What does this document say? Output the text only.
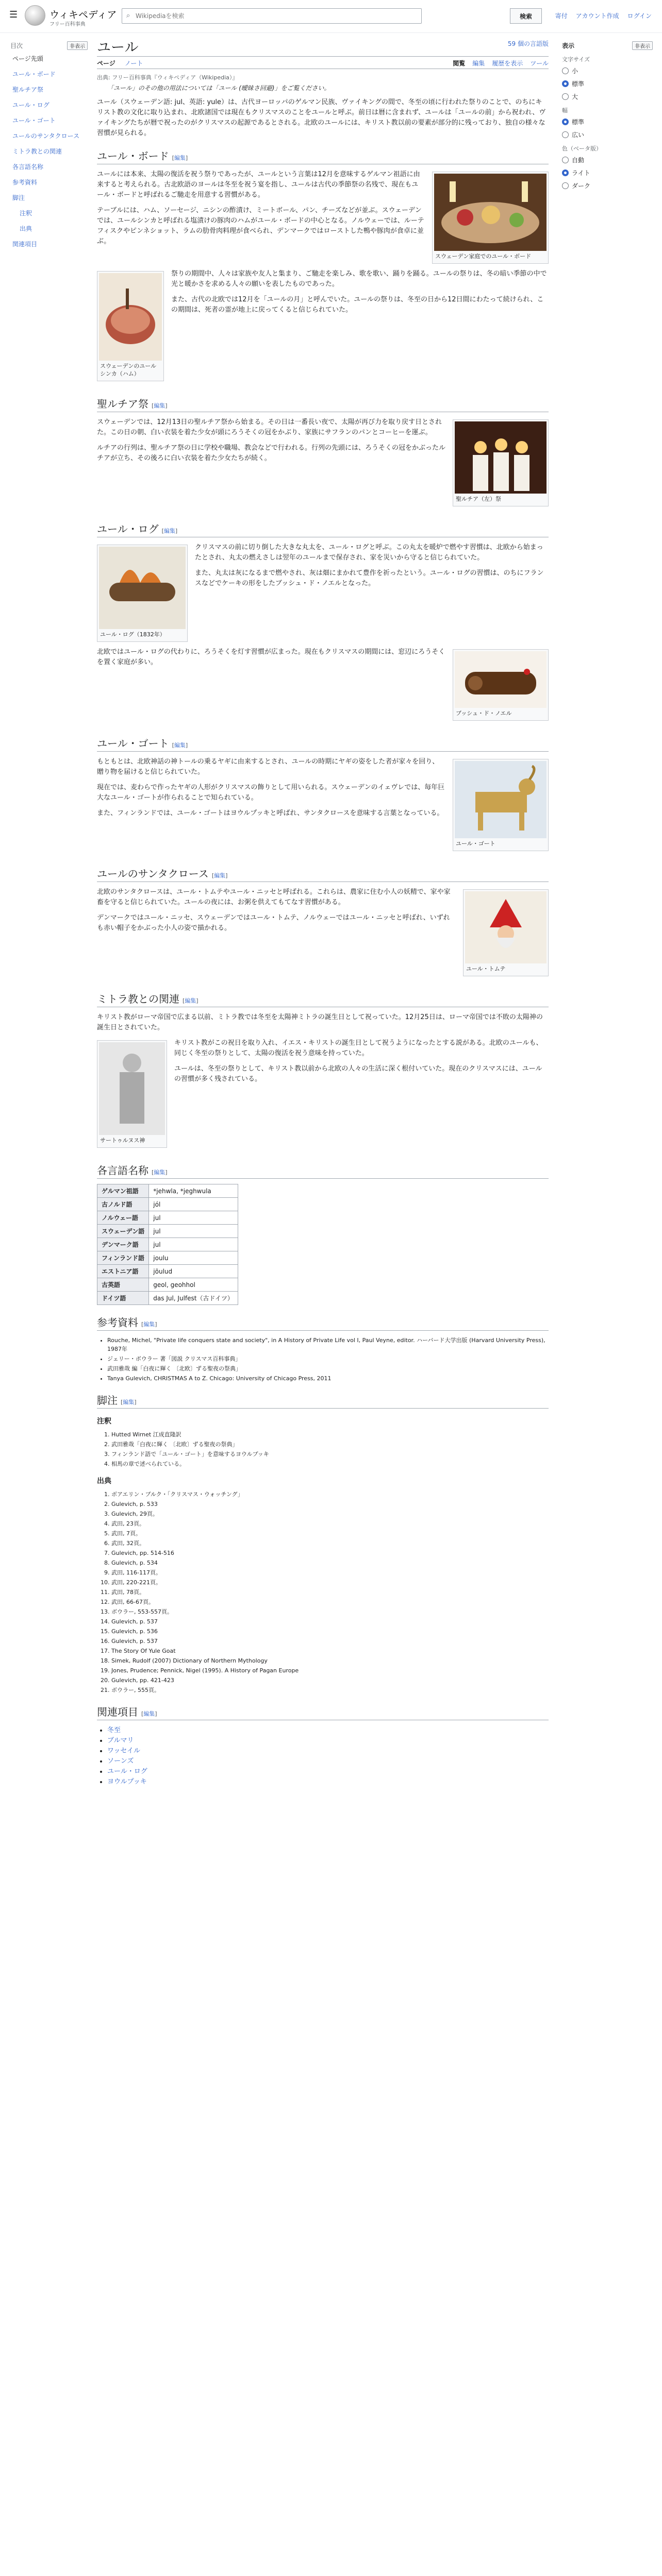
☰	ウィキペディア
フリー百科事典
⌕
Wikipediaを検索	検索	寄付 アカウント作成 ログイン
目次	非表示
ページ先頭
ユール・ボード
聖ルチア祭
ユール・ログ
ユール・ゴート
ユールのサンタクロース
ミトラ教との関連
各言語名称
参考資料
脚注
注釈
出典
関連項目
ユール	59 個の言語版
ページ ノート	閲覧 編集 履歴を表示 ツール
出典: フリー百科事典『ウィキペディア（Wikipedia）』
「ユール」のその他の用法については「ユール (曖昧さ回避)」をご覧ください。

ユール（スウェーデン語: jul、英語: yule）は、古代ヨーロッパのゲルマン民族、ヴァイキングの間で、冬至の頃に行われた祭りのことで、のちにキリスト教の文化に取り込まれ、北欧諸国では現在もクリスマスのことをユールと呼ぶ。前日は暦に含まれず、ユールは「ユールの前」から祝われ、ヴァイキングたちが暦で祝ったのがクリスマスの起源であるとされる。北欧のユールには、キリスト教以前の要素が部分的に残っており、独自の様々な習慣が見られる。

ユール・ボード [編集]
スウェーデン家庭でのユール・ボード

ユールには本来、太陽の復活を祝う祭りであったが、ユールという言葉は12月を意味するゲルマン祖語に由来すると考えられる。古北欧語のヨールは冬至を祝う宴を指し、ユールは古代の季節祭の名残で、現在もユール・ボードと呼ばれるご馳走を用意する習慣がある。

テーブルには、ハム、ソーセージ、ニシンの酢漬け、ミートボール、パン、チーズなどが並ぶ。スウェーデンでは、ユールシンカと呼ばれる塩漬けの豚肉のハムがユール・ボードの中心となる。ノルウェーでは、ルーテフィスクやピンネショット、ラムの肋骨肉料理が食べられ、デンマークではローストした鴨や豚肉が食卓に並ぶ。

スウェーデンのユールシンカ（ハム）

祭りの期間中、人々は家族や友人と集まり、ご馳走を楽しみ、歌を歌い、踊りを踊る。ユールの祭りは、冬の暗い季節の中で光と暖かさを求める人々の願いを表したものであった。

また、古代の北欧では12月を「ユールの月」と呼んでいた。ユールの祭りは、冬至の日から12日間にわたって続けられ、この期間は、死者の霊が地上に戻ってくると信じられていた。

聖ルチア祭 [編集]
聖ルチア（左）祭

スウェーデンでは、12月13日の聖ルチア祭から始まる。その日は一番長い夜で、太陽が再び力を取り戻す日とされた。この日の朝、白い衣装を着た少女が頭にろうそくの冠をかぶり、家族にサフランのパンとコーヒーを運ぶ。

ルチアの行列は、聖ルチア祭の日に学校や職場、教会などで行われる。行列の先頭には、ろうそくの冠をかぶったルチアが立ち、その後ろに白い衣装を着た少女たちが続く。

ユール・ログ [編集]
ユール・ログ（1832年）

クリスマスの前に切り倒した大きな丸太を、ユール・ログと呼ぶ。この丸太を暖炉で燃やす習慣は、北欧から始まったとされ、丸太の燃えさしは翌年のユールまで保存され、家を災いから守ると信じられていた。

また、丸太は灰になるまで燃やされ、灰は畑にまかれて豊作を祈ったという。ユール・ログの習慣は、のちにフランスなどでケーキの形をしたブッシュ・ド・ノエルとなった。

ブッシュ・ド・ノエル

北欧ではユール・ログの代わりに、ろうそくを灯す習慣が広まった。現在もクリスマスの期間には、窓辺にろうそくを置く家庭が多い。

ユール・ゴート [編集]
ユール・ゴート

もともとは、北欧神話の神トールの乗るヤギに由来するとされ、ユールの時期にヤギの姿をした者が家々を回り、贈り物を届けると信じられていた。

現在では、麦わらで作ったヤギの人形がクリスマスの飾りとして用いられる。スウェーデンのイェヴレでは、毎年巨大なユール・ゴートが作られることで知られている。

また、フィンランドでは、ユール・ゴートはヨウルプッキと呼ばれ、サンタクロースを意味する言葉となっている。

ユールのサンタクロース [編集]
ユール・トムテ

北欧のサンタクロースは、ユール・トムテやユール・ニッセと呼ばれる。これらは、農家に住む小人の妖精で、家や家畜を守ると信じられていた。ユールの夜には、お粥を供えてもてなす習慣がある。

デンマークではユール・ニッセ、スウェーデンではユール・トムテ、ノルウェーではユール・ニッセと呼ばれ、いずれも赤い帽子をかぶった小人の姿で描かれる。

ミトラ教との関連 [編集]

キリスト教がローマ帝国で広まる以前、ミトラ教では冬至を太陽神ミトラの誕生日として祝っていた。12月25日は、ローマ帝国では不敗の太陽神の誕生日とされていた。

サートゥルヌス神

キリスト教がこの祝日を取り入れ、イエス・キリストの誕生日として祝うようになったとする説がある。北欧のユールも、同じく冬至の祭りとして、太陽の復活を祝う意味を持っていた。

ユールは、冬至の祭りとして、キリスト教以前から北欧の人々の生活に深く根付いていた。現在のクリスマスには、ユールの習慣が多く残されている。

各言語名称 [編集]
ゲルマン祖語	*jehwla, *jeghwula
古ノルド語	jól
ノルウェー語	jul
スウェーデン語	jul
デンマーク語	jul
フィンランド語	joulu
エストニア語	jõulud
古英語	geol, geohhol
ドイツ語	das Jul, Julfest（古ドイツ）
参考資料 [編集]
• Rouche, Michel, "Private life conquers state and society", in A History of Private Life vol I, Paul Veyne, editor. ハーバード大学出版 (Harvard University Press), 1987年
• ジェリー・ボウラー 著「図説 クリスマス百科事典」
• 武田雅哉 編「白夜に輝く 〔北欧〕ずる聖夜の祭典」
• Tanya Gulevich, CHRISTMAS A to Z. Chicago: University of Chicago Press, 2011
脚注 [編集]
注釈
1. Hutted Wirnet 江成直隆訳
2. 武田雅哉「白夜に輝く 〔北欧〕ずる聖夜の祭典」
3. フィンランド語で「ユール・ゴート」を意味するヨウルプッキ
4. 相馬の章で述べられている。
出典
1. ボアエリン・ブルク・「クリスマス・ウォッチング」
2. Gulevich, p. 533
3. Gulevich, 29頁。
4. 武田, 23頁。
5. 武田, 7頁。
6. 武田, 32頁。
7. Gulevich, pp. 514-516
8. Gulevich, p. 534
9. 武田, 116-117頁。
10. 武田, 220-221頁。
11. 武田, 78頁。
12. 武田, 66-67頁。
13. ボウラー, 553-557頁。
14. Gulevich, p. 537
15. Gulevich, p. 536
16. Gulevich, p. 537
17. The Story Of Yule Goat
18. Simek, Rudolf (2007) Dictionary of Northern Mythology
19. Jones, Prudence; Pennick, Nigel (1995). A History of Pagan Europe
20. Gulevich, pp. 421-423
21. ボウラー, 555頁。
関連項目 [編集]
• 冬至
• ブルマリ
• ワッセイル
• ソーンズ
• ユール・ログ
• ヨウルプッキ
表示	非表示
文字サイズ
小
標準
大
幅
標準
広い
色（ベータ版）
自動
ライト
ダーク
